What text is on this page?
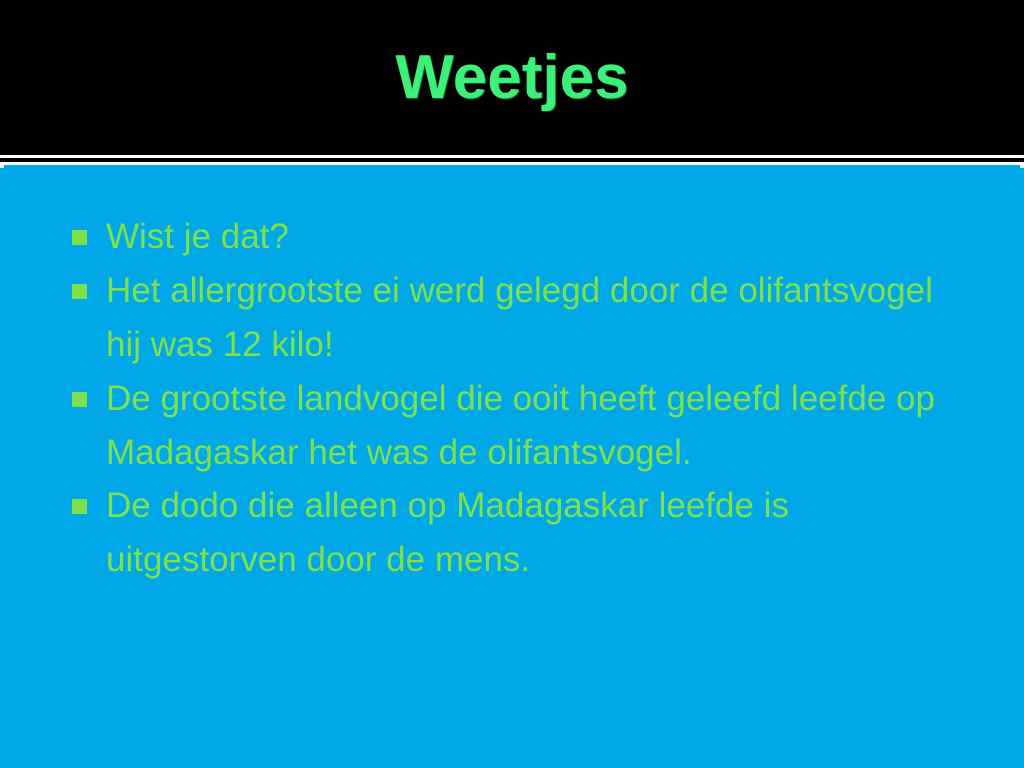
Weetjes
Wist je dat?
Het allergrootste ei werd gelegd door de olifantsvogel hij was 12 kilo!
De grootste landvogel die ooit heeft geleefd leefde op Madagaskar het was de olifantsvogel.
De dodo die alleen op Madagaskar leefde is uitgestorven door de mens.
